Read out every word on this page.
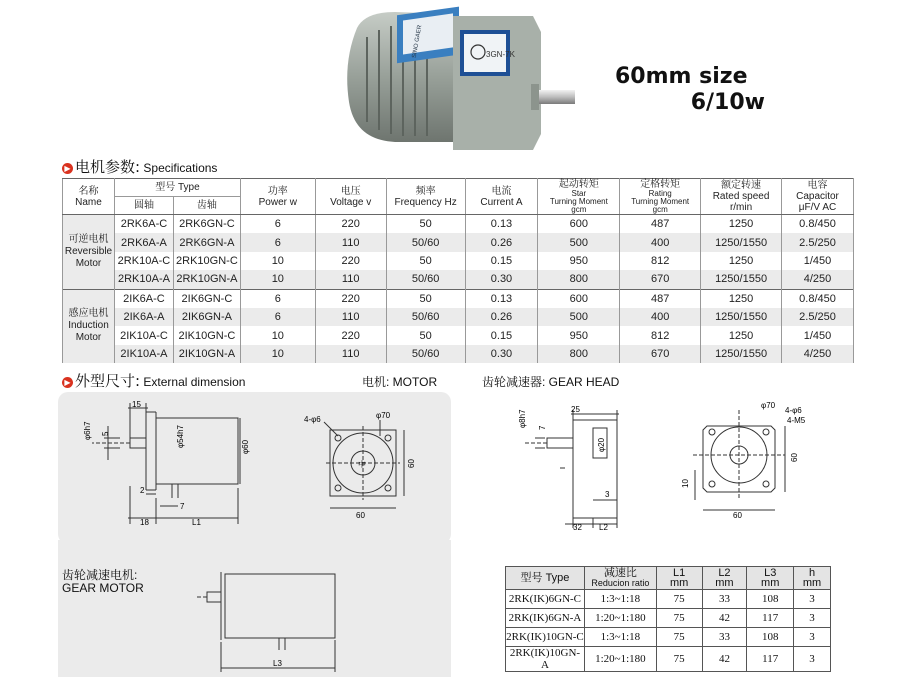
3GN-7K
SINO GAER
60mm size
6/10w
▶ 电机参数: Specifications
名称
Name	型号 Type		功率
Power w	电压
Voltage v	频率
Frequency Hz	电流
Current A	起动转矩
Star
Turning Moment
gcm	定格转矩
Rating
Turning Moment
gcm	额定转速
Rated speed
r/min	电容
Capacitor
μF/V AC
	圆轴	齿轴								

可逆电机
Reversible
Motor	2RK6A-C	2RK6GN-C	6	220	50	0.13	600	487	1250	0.8/450
	2RK6A-A	2RK6GN-A	6	110	50/60	0.26	500	400	1250/1550	2.5/250
	2RK10A-C	2RK10GN-C	10	220	50	0.15	950	812	1250	1/450
	2RK10A-A	2RK10GN-A	10	110	50/60	0.30	800	670	1250/1550	4/250

感应电机
Induction
Motor	2IK6A-C	2IK6GN-C	6	220	50	0.13	600	487	1250	0.8/450
	2IK6A-A	2IK6GN-A	6	110	50/60	0.26	500	400	1250/1550	2.5/250
	2IK10A-C	2IK10GN-C	10	220	50	0.15	950	812	1250	1/450
	2IK10A-A	2IK10GN-A	10	110	50/60	0.30	800	670	1250/1550	4/250
▶ 外型尺寸: External dimension	电机: MOTOR	齿轮减速器: GEAR HEAD
15
φ6h7 5	φ54h7	φ60
2
7
18	L1
中
4-φ6	φ70
60
60
25
φ8h7 7
φ20
3
32 L2
φ70
4-φ6
4-M5
60
10
60
齿轮减速电机:
GEAR MOTOR
L3
型号 Type	减速比
Reducion ratio	L1
mm	L2
mm	L3
mm	h
mm
2RK(IK)6GN-C	1:3~1:18	75	33	108	3
2RK(IK)6GN-A	1:20~1:180	75	42	117	3
2RK(IK)10GN-C	1:3~1:18	75	33	108	3
2RK(IK)10GN-A	1:20~1:180	75	42	117	3
